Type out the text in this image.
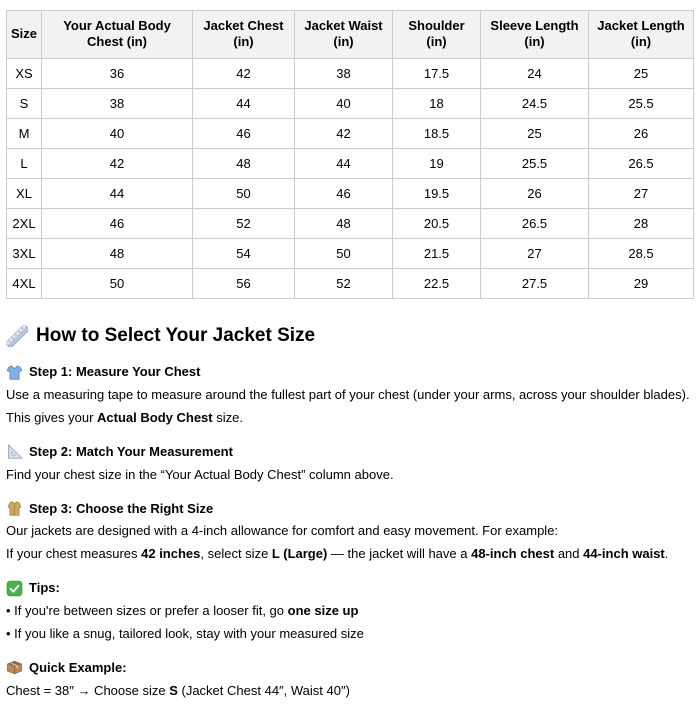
Size	Your Actual Body Chest (in)	Jacket Chest (in)	Jacket Waist (in)	Shoulder (in)	Sleeve Length (in)	Jacket Length (in)
XS	36	42	38	17.5	24	25
S	38	44	40	18	24.5	25.5
M	40	46	42	18.5	25	26
L	42	48	44	19	25.5	26.5
XL	44	50	46	19.5	26	27
2XL	46	52	48	20.5	26.5	28
3XL	48	54	50	21.5	27	28.5
4XL	50	56	52	22.5	27.5	29
How to Select Your Jacket Size
Step 1: Measure Your Chest

Use a measuring tape to measure around the fullest part of your chest (under your arms, across your shoulder blades).

This gives your Actual Body Chest size.

Step 2: Match Your Measurement

Find your chest size in the “Your Actual Body Chest” column above.

Step 3: Choose the Right Size

Our jackets are designed with a 4-inch allowance for comfort and easy movement. For example:

If your chest measures 42 inches, select size L (Large) — the jacket will have a 48-inch chest and 44-inch waist.

Tips:

• If you're between sizes or prefer a looser fit, go one size up

• If you like a snug, tailored look, stay with your measured size

Quick Example:

Chest = 38″ → Choose size S (Jacket Chest 44″, Waist 40″)
